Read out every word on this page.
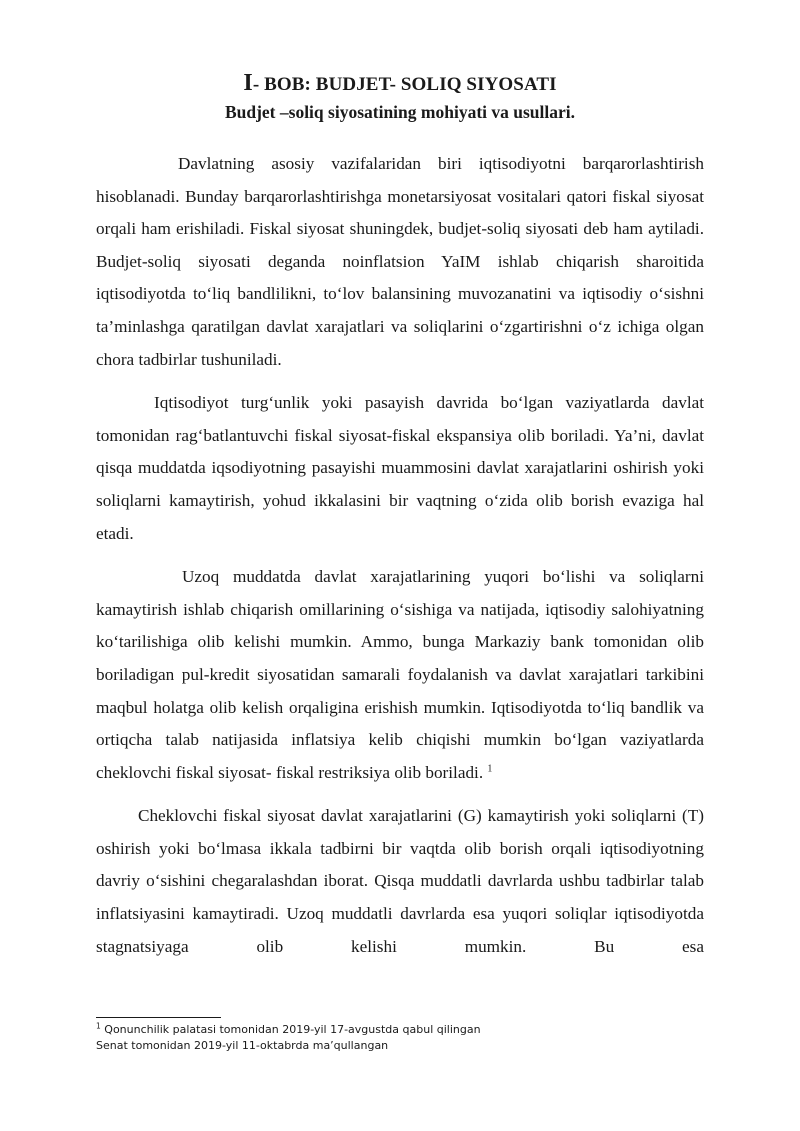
I- BOB: BUDJET- SOLIQ SIYOSATI
Budjet –soliq siyosatining mohiyati va usullari.

Davlatning asosiy vazifalaridan biri iqtisodiyotni barqarorlashtirish hisoblanadi. Bunday barqarorlashtirishga monetarsiyosat vositalari qatori fiskal siyosat orqali ham erishiladi. Fiskal siyosat shuningdek, budjet-soliq siyosati deb ham aytiladi. Budjet-soliq siyosati deganda noinflatsion YaIM ishlab chiqarish sharoitida iqtisodiyotda to‘liq bandlilikni, to‘lov balansining muvozanatini va iqtisodiy o‘sishni ta’minlashga qaratilgan davlat xarajatlari va soliqlarini o‘zgartirishni o‘z ichiga olgan chora tadbirlar tushuniladi.

Iqtisodiyot turg‘unlik yoki pasayish davrida bo‘lgan vaziyatlarda davlat tomonidan rag‘batlantuvchi fiskal siyosat-fiskal ekspansiya olib boriladi. Ya’ni, davlat qisqa muddatda iqsodiyotning pasayishi muammosini davlat xarajatlarini oshirish yoki soliqlarni kamaytirish, yohud ikkalasini bir vaqtning o‘zida olib borish evaziga hal etadi.

Uzoq muddatda davlat xarajatlarining yuqori bo‘lishi va soliqlarni kamaytirish ishlab chiqarish omillarining o‘sishiga va natijada, iqtisodiy salohiyatning ko‘tarilishiga olib kelishi mumkin. Ammo, bunga Markaziy bank tomonidan olib boriladigan pul-kredit siyosatidan samarali foydalanish va davlat xarajatlari tarkibini maqbul holatga olib kelish orqaligina erishish mumkin. Iqtisodiyotda to‘liq bandlik va ortiqcha talab natijasida inflatsiya kelib chiqishi mumkin bo‘lgan vaziyatlarda cheklovchi fiskal siyosat- fiskal restriksiya olib boriladi. $^1$

Cheklovchi fiskal siyosat davlat xarajatlarini (G) kamaytirish yoki soliqlarni (T) oshirish yoki bo‘lmasa ikkala tadbirni bir vaqtda olib borish orqali iqtisodiyotning davriy o‘sishini chegaralashdan iborat. Qisqa muddatli davrlarda ushbu tadbirlar talab inflatsiyasini kamaytiradi. Uzoq muddatli davrlarda esa yuqori soliqlar iqtisodiyotda stagnatsiyaga olib kelishi mumkin. Bu esa

$^1$ Qonunchilik palatasi tomonidan 2019-yil 17-avgustda qabul qilingan
Senat tomonidan 2019-yil 11-oktabrda ma’qullangan
